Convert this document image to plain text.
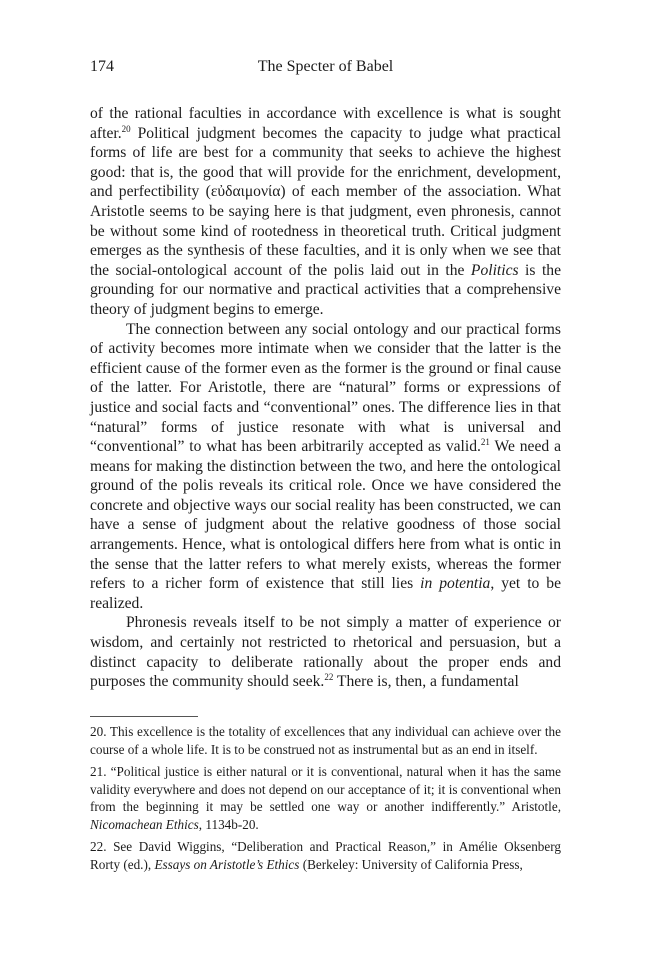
174	The Specter of Babel

of the rational faculties in accordance with excellence is what is sought after.$^{20}$ Political judgment becomes the capacity to judge what practical forms of life are best for a community that seeks to achieve the highest good: that is, the good that will provide for the enrichment, development, and perfectibility (εὐδαιμονία) of each member of the association. What Aristotle seems to be saying here is that judgment, even phronesis, cannot be without some kind of rootedness in theoretical truth. Critical judgment emerges as the synthesis of these faculties, and it is only when we see that the social-ontological account of the polis laid out in the Politics is the grounding for our normative and practical activities that a comprehensive theory of judgment begins to emerge.

The connection between any social ontology and our practical forms of activity becomes more intimate when we consider that the latter is the efficient cause of the former even as the former is the ground or final cause of the latter. For Aristotle, there are “natural” forms or expressions of justice and social facts and “conventional” ones. The difference lies in that “natural” forms of justice resonate with what is universal and “conventional” to what has been arbitrarily accepted as valid.$^{21}$ We need a means for making the distinction between the two, and here the ontological ground of the polis reveals its critical role. Once we have considered the concrete and objective ways our social reality has been constructed, we can have a sense of judgment about the relative goodness of those social arrangements. Hence, what is ontological differs here from what is ontic in the sense that the latter refers to what merely exists, whereas the former refers to a richer form of existence that still lies in potentia, yet to be realized.

Phronesis reveals itself to be not simply a matter of experience or wisdom, and certainly not restricted to rhetorical and persuasion, but a distinct capacity to deliberate rationally about the proper ends and purposes the community should seek.$^{22}$ There is, then, a fundamental

20. This excellence is the totality of excellences that any individual can achieve over the course of a whole life. It is to be construed not as instrumental but as an end in itself.

21. “Political justice is either natural or it is conventional, natural when it has the same validity everywhere and does not depend on our acceptance of it; it is conventional when from the beginning it may be settled one way or another indifferently.” Aristotle, Nicomachean Ethics, 1134b-20.

22. See David Wiggins, “Deliberation and Practical Reason,” in Amélie Oksenberg Rorty (ed.), Essays on Aristotle’s Ethics (Berkeley: University of California Press,
